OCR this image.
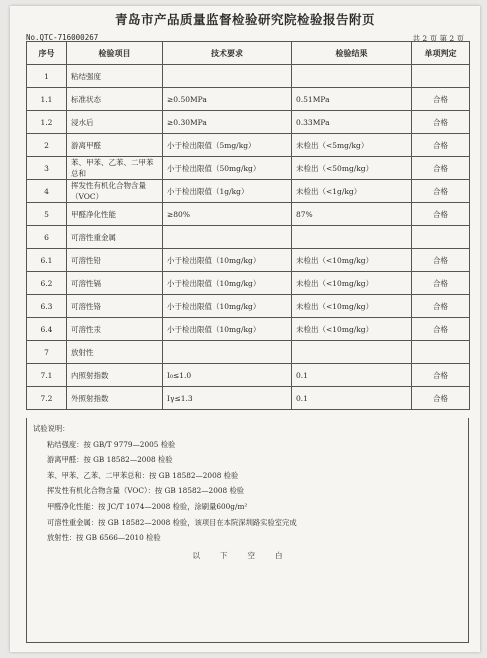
青岛市产品质量监督检验研究院检验报告附页
No.QTC-716000267	共 2 页 第 2 页
序号	检验项目	技术要求	检验结果	单项判定
1	粘结强度			
1.1	标准状态	≥0.50MPa	0.51MPa	合格
1.2	浸水后	≥0.30MPa	0.33MPa	合格
2	游离甲醛	小于检出限值（5mg/kg）	未检出（<5mg/kg）	合格
3	苯、甲苯、乙苯、二甲苯总和	小于检出限值（50mg/kg）	未检出（<50mg/kg）	合格
4	挥发性有机化合物含量（VOC）	小于检出限值（1g/kg）	未检出（<1g/kg）	合格
5	甲醛净化性能	≥80%	87%	合格
6	可溶性重金属			
6.1	可溶性铅	小于检出限值（10mg/kg）	未检出（<10mg/kg）	合格
6.2	可溶性镉	小于检出限值（10mg/kg）	未检出（<10mg/kg）	合格
6.3	可溶性铬	小于检出限值（10mg/kg）	未检出（<10mg/kg）	合格
6.4	可溶性汞	小于检出限值（10mg/kg）	未检出（<10mg/kg）	合格
7	放射性			
7.1	内照射指数	I₀≤1.0	0.1	合格
7.2	外照射指数	Iγ≤1.3	0.1	合格
试验说明：
粘结强度：按 GB/T 9779—2005 检验
游离甲醛：按 GB 18582—2008 检验
苯、甲苯、乙苯、二甲苯总和：按 GB 18582—2008 检验
挥发性有机化合物含量（VOC）：按 GB 18582—2008 检验
甲醛净化性能：按 JC/T 1074—2008 检验，涂刷量600g/m²
可溶性重金属：按 GB 18582—2008 检验，该项目在本院深圳路实验室完成
放射性：按 GB 6566—2010 检验
以下空白
